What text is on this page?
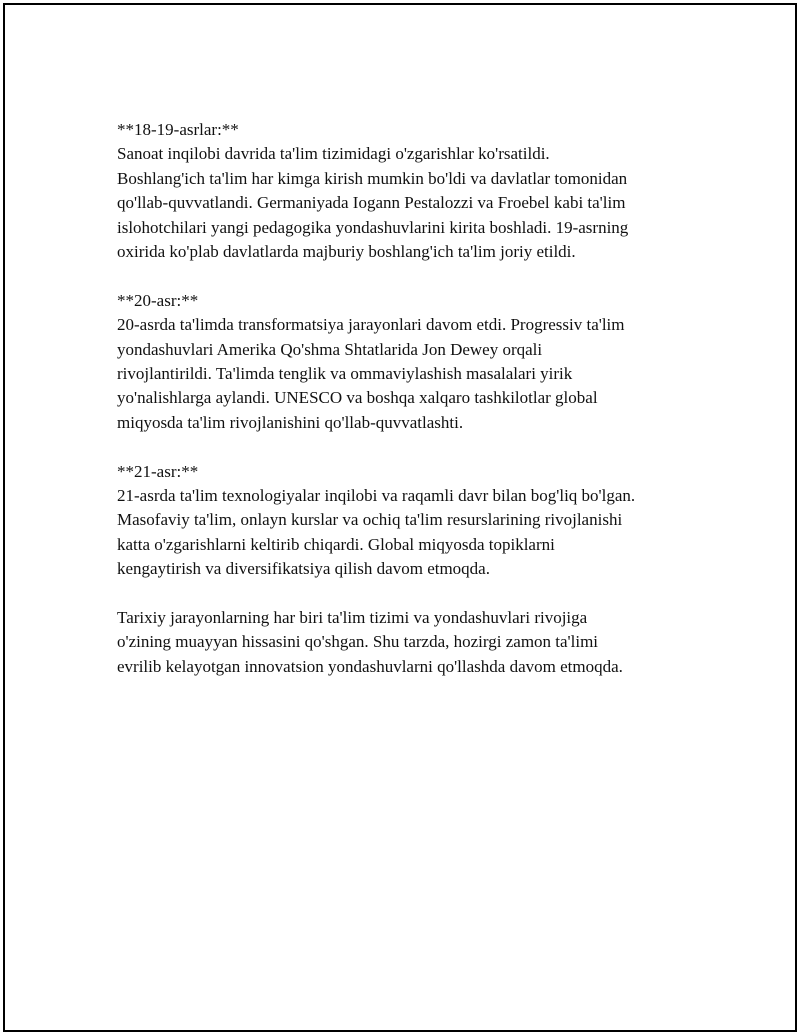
**18-19-asrlar:**

Sanoat inqilobi davrida ta'lim tizimidagi o'zgarishlar ko'rsatildi.
Boshlang'ich ta'lim har kimga kirish mumkin bo'ldi va davlatlar tomonidan
qo'llab-quvvatlandi. Germaniyada Iogann Pestalozzi va Froebel kabi ta'lim
islohotchilari yangi pedagogika yondashuvlarini kirita boshladi. 19-asrning
oxirida ko'plab davlatlarda majburiy boshlang'ich ta'lim joriy etildi.

**20-asr:**

20-asrda ta'limda transformatsiya jarayonlari davom etdi. Progressiv ta'lim
yondashuvlari Amerika Qo'shma Shtatlarida Jon Dewey orqali
rivojlantirildi. Ta'limda tenglik va ommaviylashish masalalari yirik
yo'nalishlarga aylandi. UNESCO va boshqa xalqaro tashkilotlar global
miqyosda ta'lim rivojlanishini qo'llab-quvvatlashti.

**21-asr:**

21-asrda ta'lim texnologiyalar inqilobi va raqamli davr bilan bog'liq bo'lgan.
Masofaviy ta'lim, onlayn kurslar va ochiq ta'lim resurslarining rivojlanishi
katta o'zgarishlarni keltirib chiqardi. Global miqyosda topiklarni
kengaytirish va diversifikatsiya qilish davom etmoqda.

Tarixiy jarayonlarning har biri ta'lim tizimi va yondashuvlari rivojiga
o'zining muayyan hissasini qo'shgan. Shu tarzda, hozirgi zamon ta'limi
evrilib kelayotgan innovatsion yondashuvlarni qo'llashda davom etmoqda.
